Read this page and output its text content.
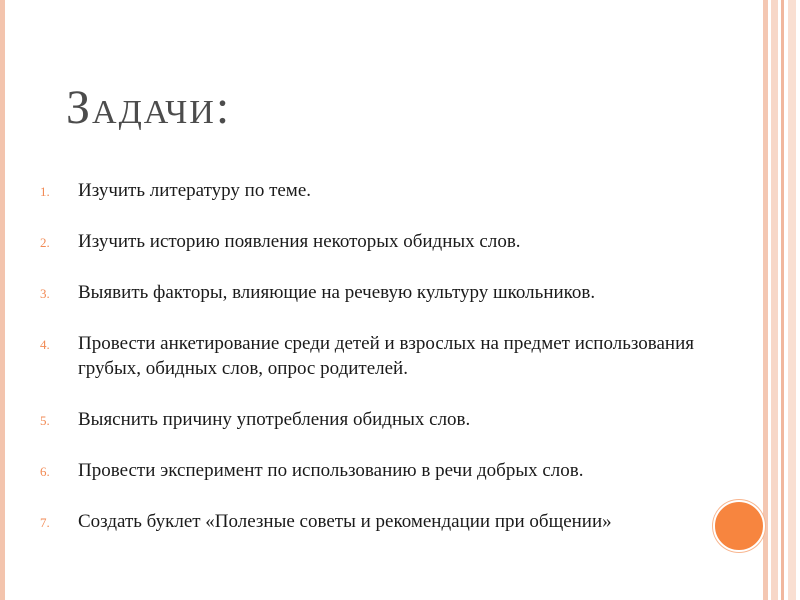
Задачи:
1. Изучить литературу по теме.
2. Изучить историю появления некоторых обидных слов.
3. Выявить факторы, влияющие на речевую культуру школьников.
4. Провести анкетирование среди детей и взрослых на предмет использования грубых, обидных слов, опрос родителей.
5. Выяснить причину употребления обидных слов.
6. Провести эксперимент по использованию в речи добрых слов.
7. Создать буклет «Полезные советы и рекомендации при общении»
